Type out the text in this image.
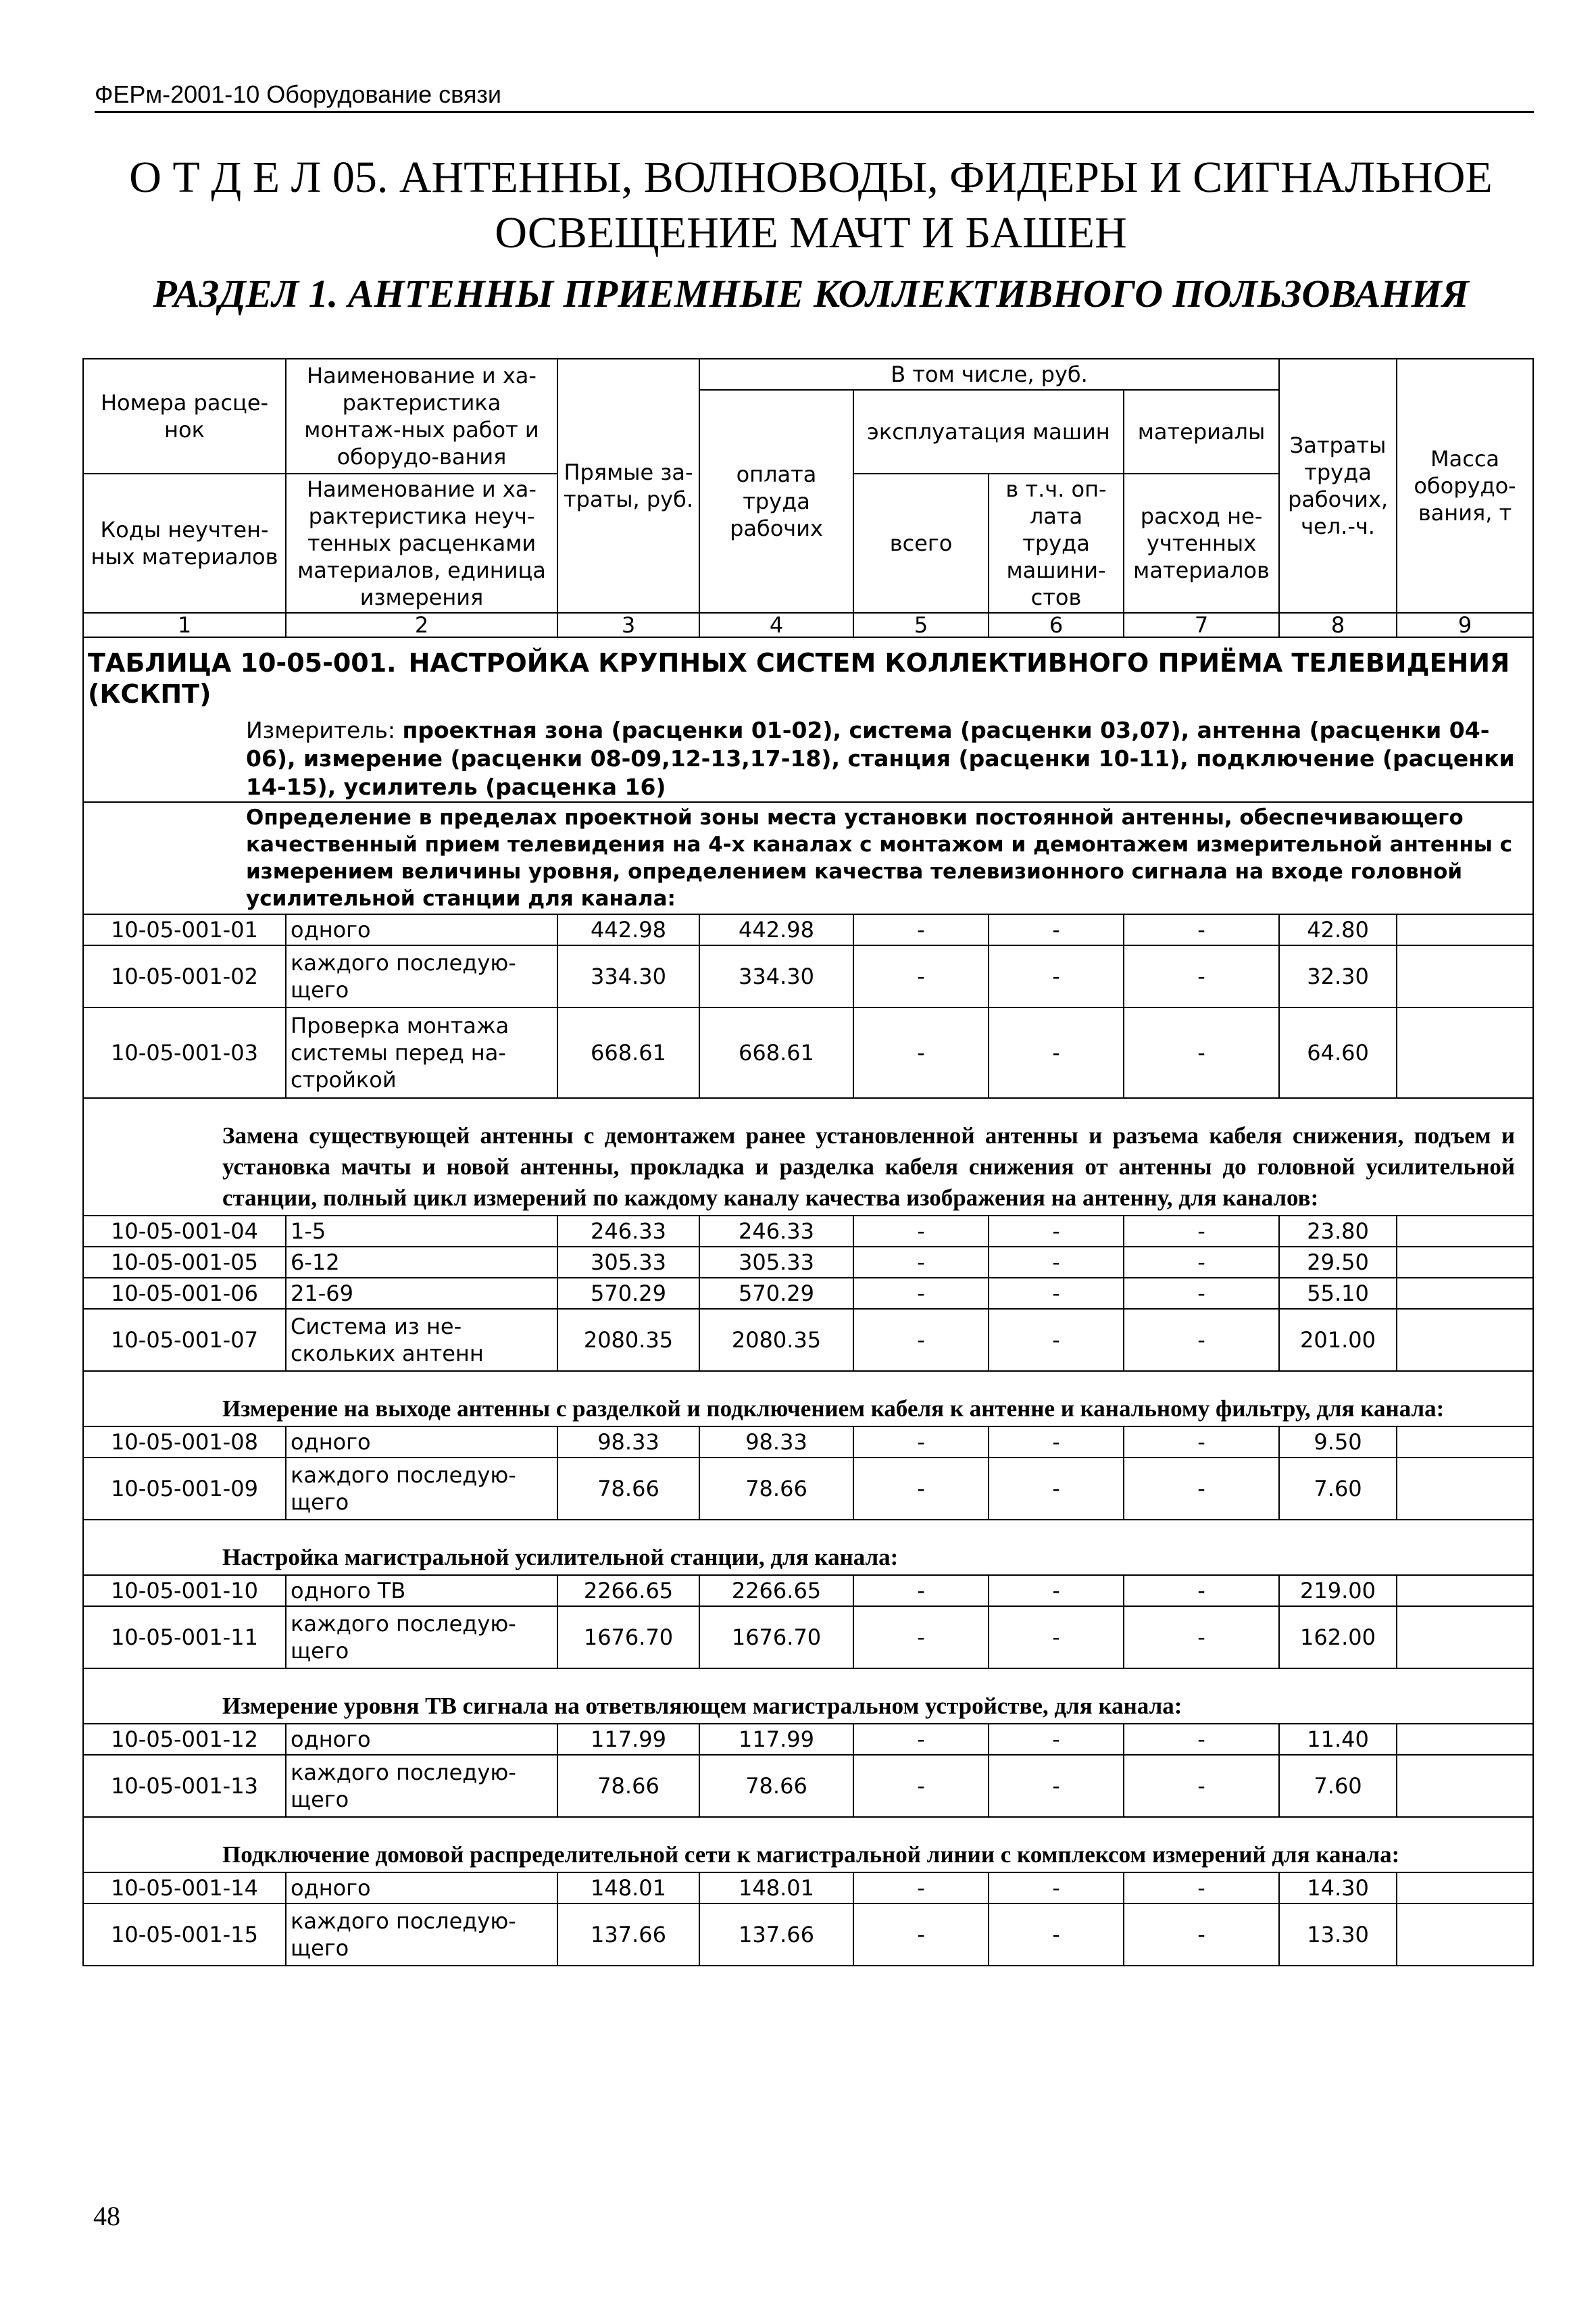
ФЕРм-2001-10 Оборудование связи
О Т Д Е Л 05. АНТЕННЫ, ВОЛНОВОДЫ, ФИДЕРЫ И СИГНАЛЬНОЕ
ОСВЕЩЕНИЕ МАЧТ И БАШЕН
РАЗДЕЛ 1. АНТЕННЫ ПРИЕМНЫЕ КОЛЛЕКТИВНОГО ПОЛЬЗОВАНИЯ
Номера расце-нок	Наименование и ха-рактеристика монтаж-ных работ и оборудо-вания	Прямые за-траты, руб.	В том числе, руб.				Затраты труда рабочих, чел.-ч.	Масса оборудо-вания, т
			оплата труда рабочих	эксплуатация машин		материалы		
Коды неучтен-ных материалов	Наименование и ха-рактеристика неуч-тенных расценками материалов, единица измерения			всего	в т.ч. оп-лата труда машини-стов	расход не-учтенных материалов		

1	2	3	4	5	6	7	8	9

ТАБЛИЦА 10-05-001. НАСТРОЙКА КРУПНЫХ СИСТЕМ КОЛЛЕКТИВНОГО ПРИЁМА ТЕЛЕВИДЕНИЯ (КСКПТ)
Измеритель: проектная зона (расценки 01-02), система (расценки 03,07), антенна (расценки 04-06), измерение (расценки 08-09,12-13,17-18), станция (расценки 10-11), подключение (расценки 14-15), усилитель (расценка 16)
Определение в пределах проектной зоны места установки постоянной антенны, обеспечивающего качественный прием телевидения на 4-х каналах с монтажом и демонтажем измерительной антенны с измерением величины уровня, определением качества телевизионного сигнала на входе головной усилительной станции для канала:								

10-05-001-01	одного	442.98	442.98	-	-	-	42.80	
10-05-001-02	каждого последую-щего	334.30	334.30	-	-	-	32.30	
10-05-001-03	Проверка монтажа системы перед на-стройкой	668.61	668.61	-	-	-	64.60	

Замена существующей антенны с демонтажем ранее установленной антенны и разъема кабеля снижения, подъем и установка мачты и новой антенны, прокладка и разделка кабеля снижения от антенны до головной усилительной станции, полный цикл измерений по каждому каналу качества изображения на антенну, для каналов:								

10-05-001-04	1-5	246.33	246.33	-	-	-	23.80	
10-05-001-05	6-12	305.33	305.33	-	-	-	29.50	
10-05-001-06	21-69	570.29	570.29	-	-	-	55.10	
10-05-001-07	Система из не-скольких антенн	2080.35	2080.35	-	-	-	201.00	

Измерение на выходе антенны с разделкой и подключением кабеля к антенне и канальному фильтру, для канала:								

10-05-001-08	одного	98.33	98.33	-	-	-	9.50	
10-05-001-09	каждого последую-щего	78.66	78.66	-	-	-	7.60	

Настройка магистральной усилительной станции, для канала:								

10-05-001-10	одного ТВ	2266.65	2266.65	-	-	-	219.00	
10-05-001-11	каждого последую-щего	1676.70	1676.70	-	-	-	162.00	

Измерение уровня ТВ сигнала на ответвляющем магистральном устройстве, для канала:								

10-05-001-12	одного	117.99	117.99	-	-	-	11.40	
10-05-001-13	каждого последую-щего	78.66	78.66	-	-	-	7.60	

Подключение домовой распределительной сети к магистральной линии с комплексом измерений для канала:								

10-05-001-14	одного	148.01	148.01	-	-	-	14.30	
10-05-001-15	каждого последую-щего	137.66	137.66	-	-	-	13.30	
48
